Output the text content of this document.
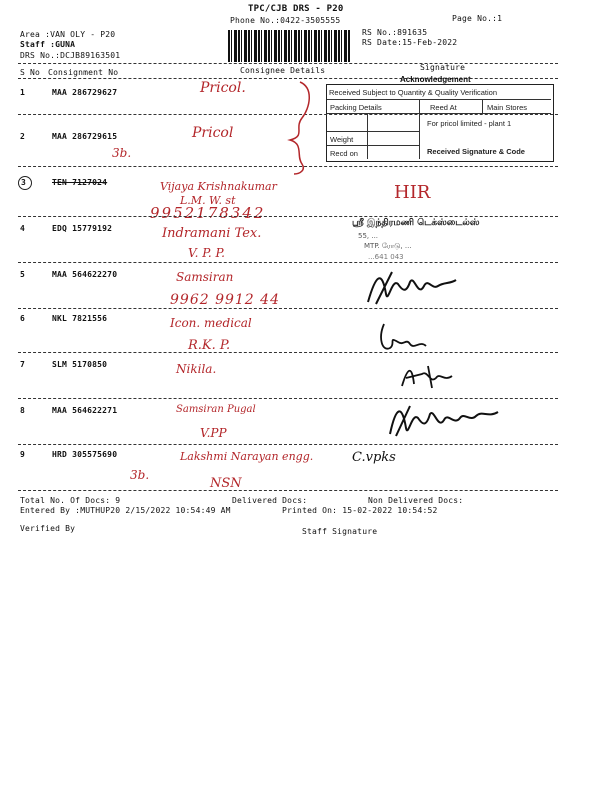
TPC/CJB DRS - P20
Phone No.:0422-3505555	Page No.:1
Area :VAN OLY - P20
Staff :GUNA
DRS No.:DCJB89163501
RS No.:891635
RS Date:15-Feb-2022
S No Consignment No	Consignee Details	Signature
Acknowledgement
Received Subject to Quantity & Quality Verification
Packing Details	Reed At	Main Stores
Weight
Recd on
For pricol limited - plant 1
Received Signature & Code
1	MAA 286729627	Pricol.
2	MAA 286729615	Pricol
3b.
3	TEN 7127024	Vijaya Krishnakumar
L.M. W. st
9952178342
HIR
4	EDQ 15779192	Indramani Tex.
V. P. P.
ஸ்ரீ இந்திரமணி டெக்ஸ்டைல்ஸ்
55, ...
MTP. ரோடு, ...
...641 043
5	MAA 564622270	Samsiran
9962 9912 44
6	NKL 7821556	Icon. medical
R.K. P.
7	SLM 5170850	Nikila.
8	MAA 564622271	Samsiran Pugal
V.PP
9	HRD 305575690	Lakshmi Narayan engg.
3b.
NSN
C.vpks
Total No. Of Docs: 9	Delivered Docs:	Non Delivered Docs:
Entered By :MUTHUP20 2/15/2022 10:54:49 AM	Printed On: 15-02-2022 10:54:52
Verified By	Staff Signature
